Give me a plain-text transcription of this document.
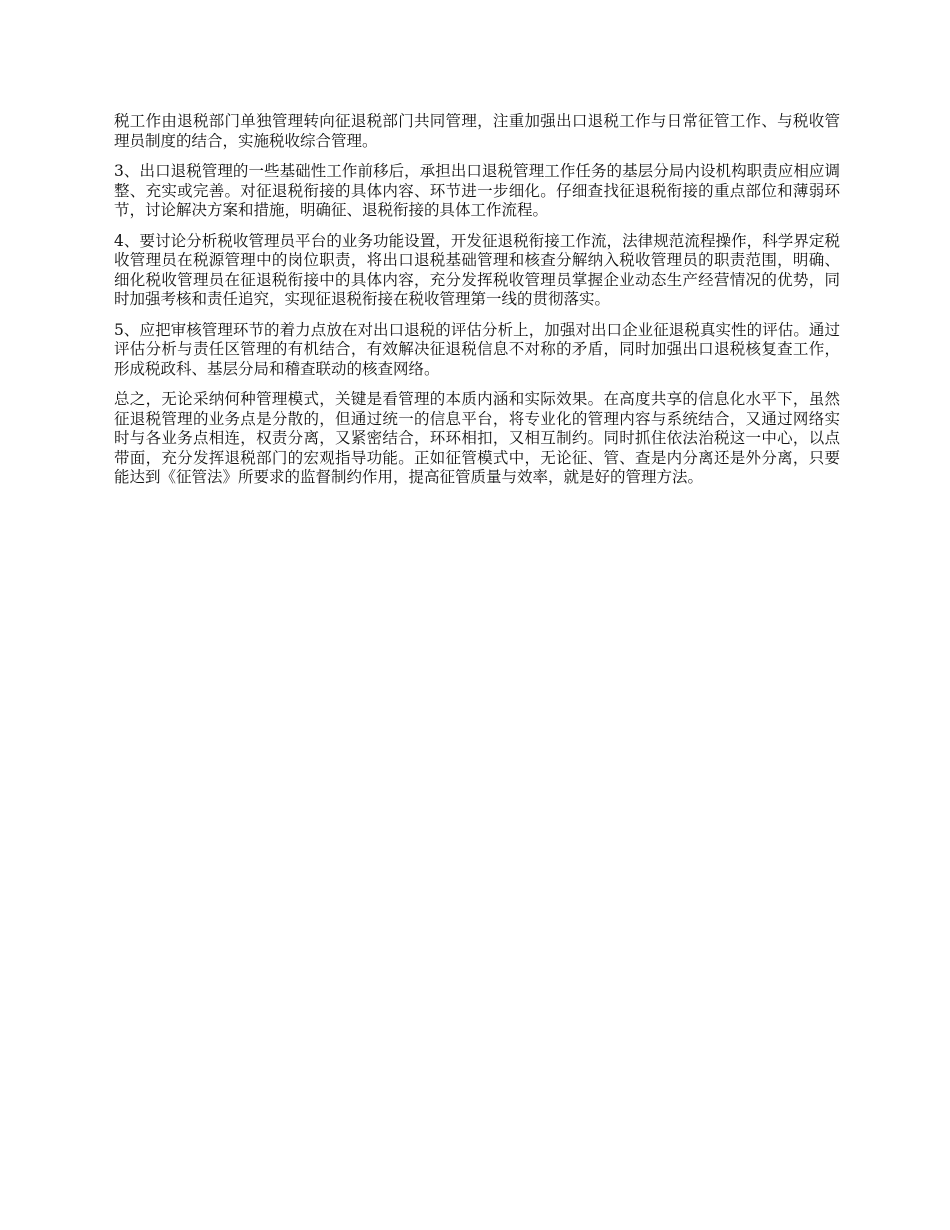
税工作由退税部门单独管理转向征退税部门共同管理，注重加强出口退税工作与日常征管工作、与税收管理员制度的结合，实施税收综合管理。

3、出口退税管理的一些基础性工作前移后，承担出口退税管理工作任务的基层分局内设机构职责应相应调整、充实或完善。对征退税衔接的具体内容、环节进一步细化。仔细查找征退税衔接的重点部位和薄弱环节，讨论解决方案和措施，明确征、退税衔接的具体工作流程。

4、要讨论分析税收管理员平台的业务功能设置，开发征退税衔接工作流，法律规范流程操作，科学界定税收管理员在税源管理中的岗位职责，将出口退税基础管理和核查分解纳入税收管理员的职责范围，明确、细化税收管理员在征退税衔接中的具体内容，充分发挥税收管理员掌握企业动态生产经营情况的优势，同时加强考核和责任追究，实现征退税衔接在税收管理第一线的贯彻落实。

5、应把审核管理环节的着力点放在对出口退税的评估分析上，加强对出口企业征退税真实性的评估。通过评估分析与责任区管理的有机结合，有效解决征退税信息不对称的矛盾，同时加强出口退税核复查工作，形成税政科、基层分局和稽查联动的核查网络。

总之，无论采纳何种管理模式，关键是看管理的本质内涵和实际效果。在高度共享的信息化水平下，虽然征退税管理的业务点是分散的，但通过统一的信息平台，将专业化的管理内容与系统结合，又通过网络实时与各业务点相连，权责分离，又紧密结合，环环相扣，又相互制约。同时抓住依法治税这一中心，以点带面，充分发挥退税部门的宏观指导功能。正如征管模式中，无论征、管、查是内分离还是外分离，只要能达到《征管法》所要求的监督制约作用，提高征管质量与效率，就是好的管理方法。
